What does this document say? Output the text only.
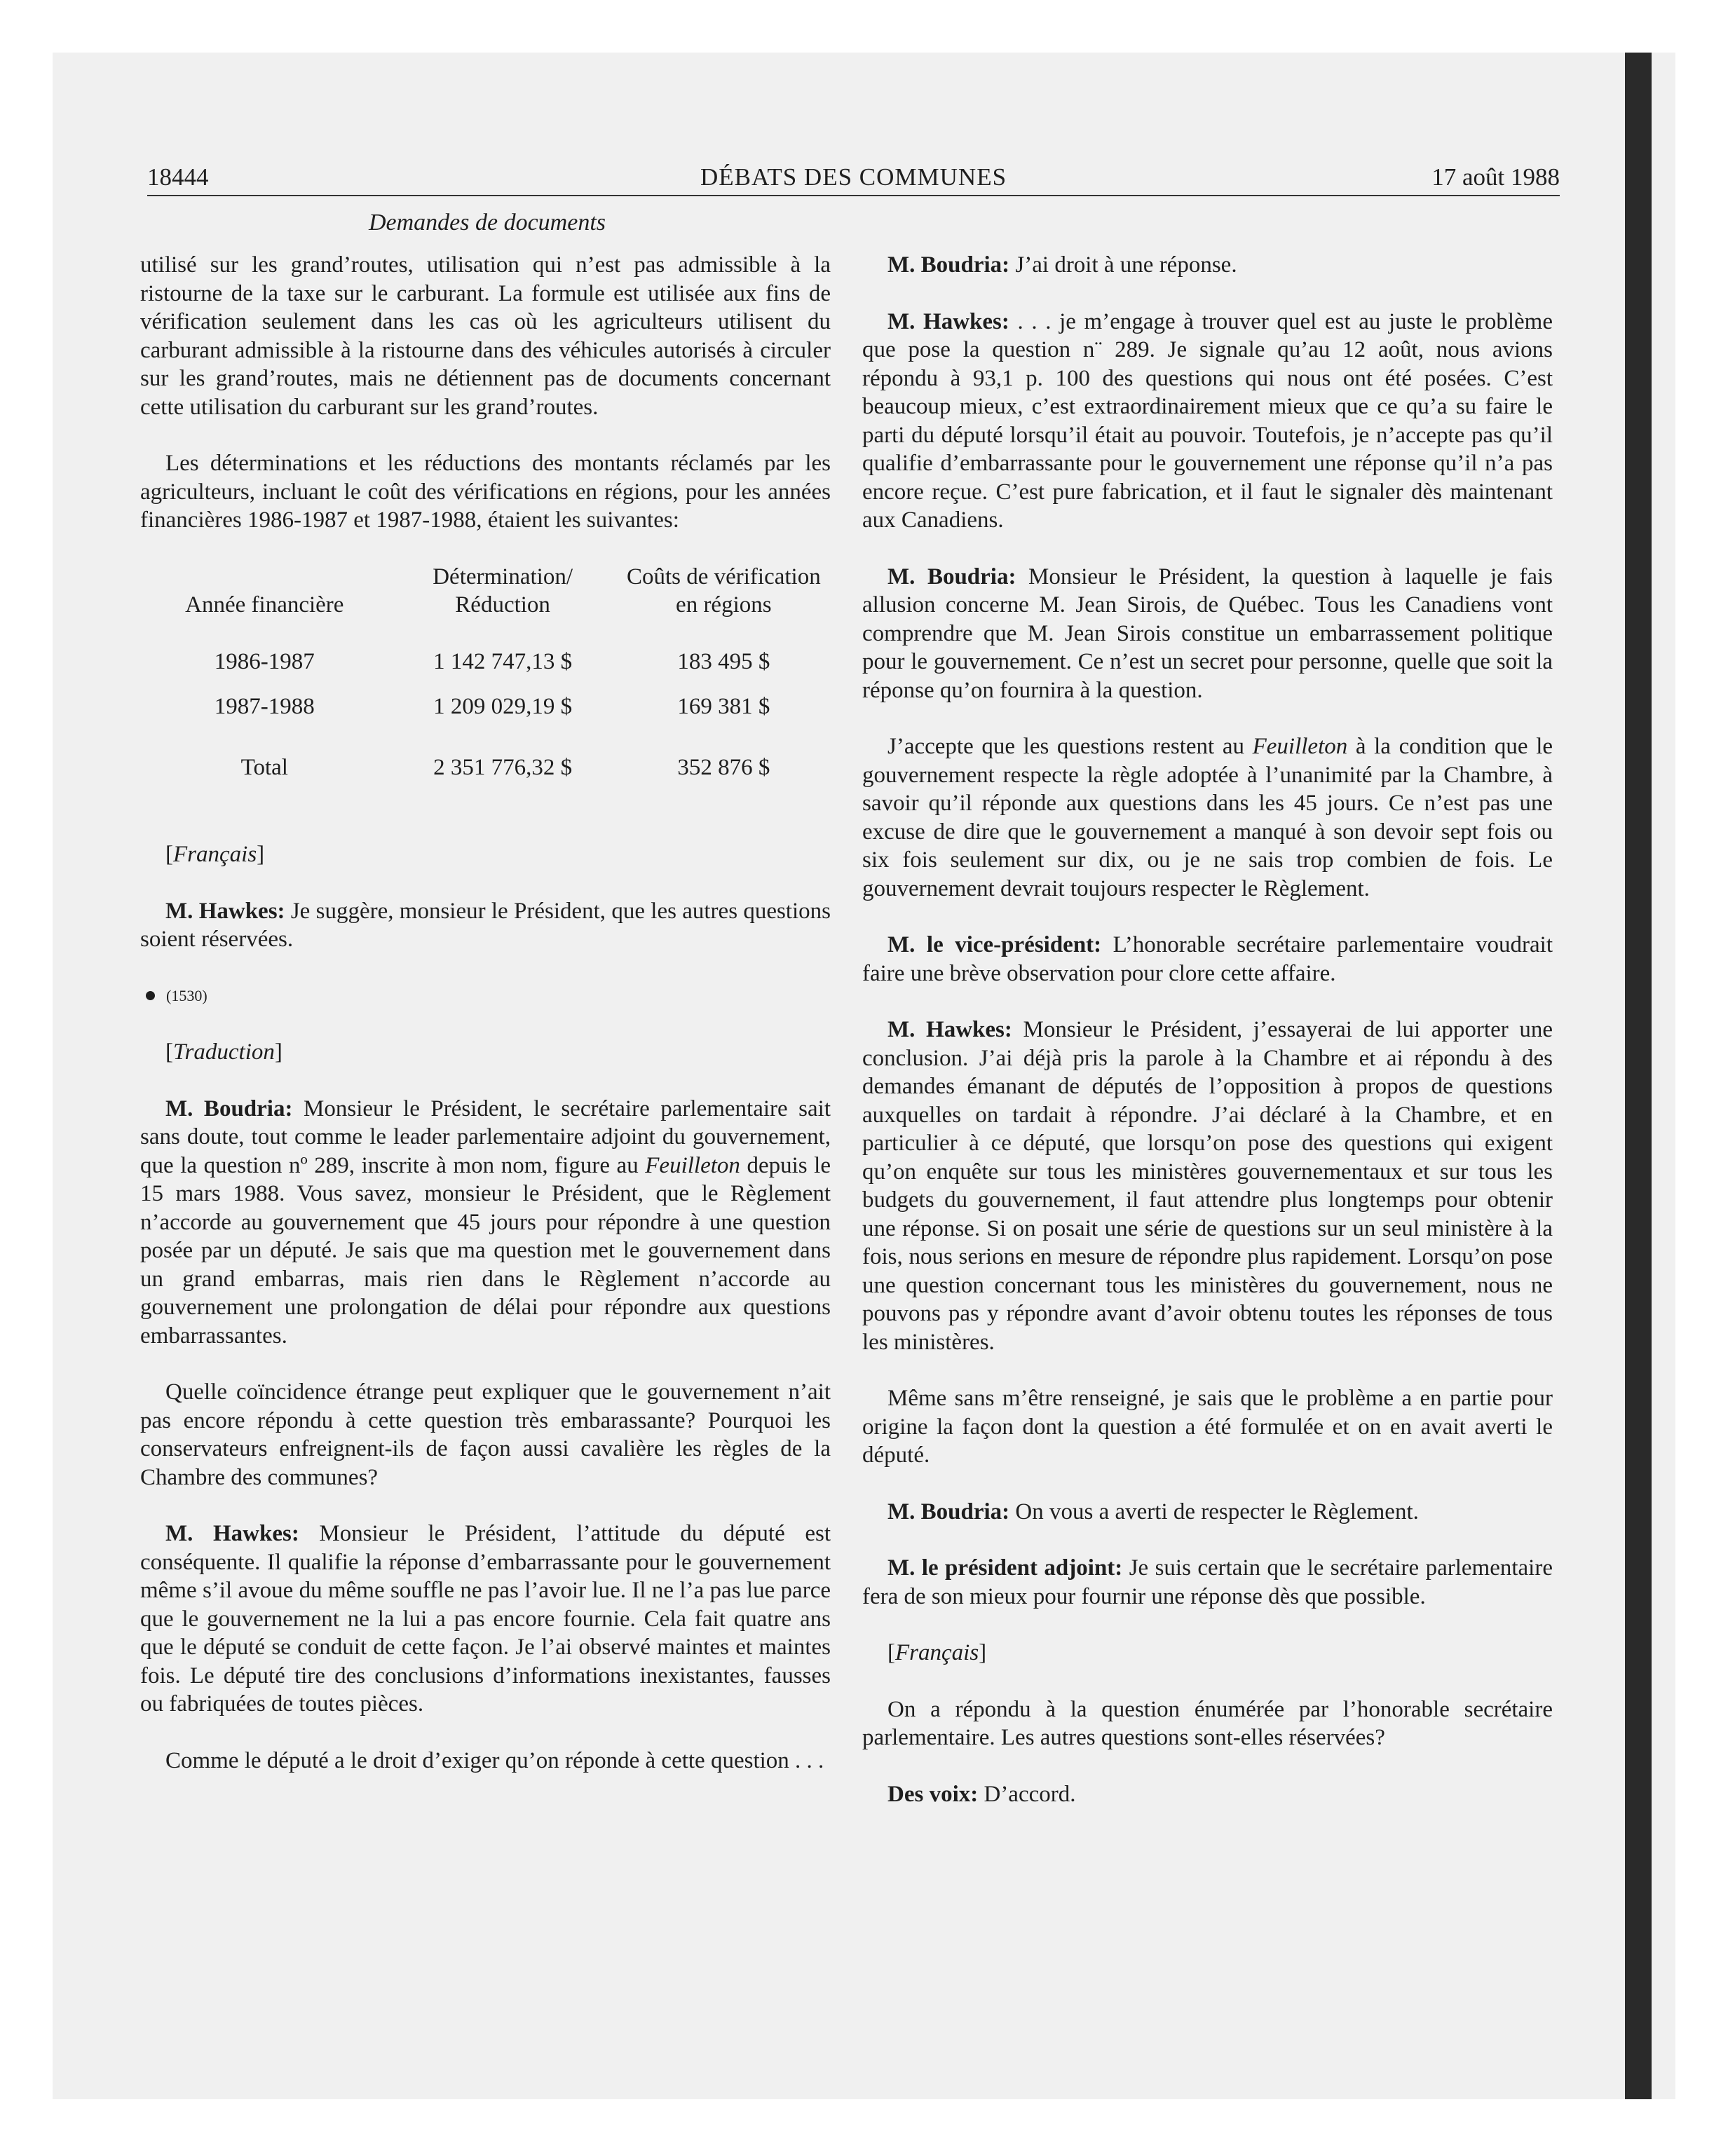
18444	DÉBATS DES COMMUNES	17 août 1988
Demandes de documents

utilisé sur les grand’routes, utilisation qui n’est pas admissible à la ristourne de la taxe sur le carburant. La formule est utilisée aux fins de vérification seulement dans les cas où les agriculteurs utilisent du carburant admissible à la ristourne dans des véhicules autorisés à circuler sur les grand’routes, mais ne détiennent pas de documents concernant cette utilisation du carburant sur les grand’routes.

Les déterminations et les réductions des montants réclamés par les agriculteurs, incluant le coût des vérifications en régions, pour les années financières 1986-1987 et 1987-1988, étaient les suivantes:

Année financière	Détermination/ Réduction	Coûts de vérification en régions
1986-1987	1 142 747,13 $	183 495 $
1987-1988	1 209 029,19 $	169 381 $
Total	2 351 776,32 $	352 876 $

[Français]

M. Hawkes: Je suggère, monsieur le Président, que les autres questions soient réservées.

(1530)

[Traduction]

M. Boudria: Monsieur le Président, le secrétaire parlementaire sait sans doute, tout comme le leader parlementaire adjoint du gouvernement, que la question nº 289, inscrite à mon nom, figure au Feuilleton depuis le 15 mars 1988. Vous savez, monsieur le Président, que le Règlement n’accorde au gouvernement que 45 jours pour répondre à une question posée par un député. Je sais que ma question met le gouvernement dans un grand embarras, mais rien dans le Règlement n’accorde au gouvernement une prolongation de délai pour répondre aux questions embarrassantes.

Quelle coïncidence étrange peut expliquer que le gouvernement n’ait pas encore répondu à cette question très embarassante? Pourquoi les conservateurs enfreignent-ils de façon aussi cavalière les règles de la Chambre des communes?

M. Hawkes: Monsieur le Président, l’attitude du député est conséquente. Il qualifie la réponse d’embarrassante pour le gouvernement même s’il avoue du même souffle ne pas l’avoir lue. Il ne l’a pas lue parce que le gouvernement ne la lui a pas encore fournie. Cela fait quatre ans que le député se conduit de cette façon. Je l’ai observé maintes et maintes fois. Le député tire des conclusions d’informations inexistantes, fausses ou fabriquées de toutes pièces.

Comme le député a le droit d’exiger qu’on réponde à cette question . . .

M. Boudria: J’ai droit à une réponse.

M. Hawkes: . . . je m’engage à trouver quel est au juste le problème que pose la question n¨ 289. Je signale qu’au 12 août, nous avions répondu à 93,1 p. 100 des questions qui nous ont été posées. C’est beaucoup mieux, c’est extraordinairement mieux que ce qu’a su faire le parti du député lorsqu’il était au pouvoir. Toutefois, je n’accepte pas qu’il qualifie d’embarrassante pour le gouvernement une réponse qu’il n’a pas encore reçue. C’est pure fabrication, et il faut le signaler dès maintenant aux Canadiens.

M. Boudria: Monsieur le Président, la question à laquelle je fais allusion concerne M. Jean Sirois, de Québec. Tous les Canadiens vont comprendre que M. Jean Sirois constitue un embarrassement politique pour le gouvernement. Ce n’est un secret pour personne, quelle que soit la réponse qu’on fournira à la question.

J’accepte que les questions restent au Feuilleton à la condition que le gouvernement respecte la règle adoptée à l’unanimité par la Chambre, à savoir qu’il réponde aux questions dans les 45 jours. Ce n’est pas une excuse de dire que le gouvernement a manqué à son devoir sept fois ou six fois seulement sur dix, ou je ne sais trop combien de fois. Le gouvernement devrait toujours respecter le Règlement.

M. le vice-président: L’honorable secrétaire parlementaire voudrait faire une brève observation pour clore cette affaire.

M. Hawkes: Monsieur le Président, j’essayerai de lui apporter une conclusion. J’ai déjà pris la parole à la Chambre et ai répondu à des demandes émanant de députés de l’opposition à propos de questions auxquelles on tardait à répondre. J’ai déclaré à la Chambre, et en particulier à ce député, que lorsqu’on pose des questions qui exigent qu’on enquête sur tous les ministères gouvernementaux et sur tous les budgets du gouvernement, il faut attendre plus longtemps pour obtenir une réponse. Si on posait une série de questions sur un seul ministère à la fois, nous serions en mesure de répondre plus rapidement. Lorsqu’on pose une question concernant tous les ministères du gouvernement, nous ne pouvons pas y répondre avant d’avoir obtenu toutes les réponses de tous les ministères.

Même sans m’être renseigné, je sais que le problème a en partie pour origine la façon dont la question a été formulée et on en avait averti le député.

M. Boudria: On vous a averti de respecter le Règlement.

M. le président adjoint: Je suis certain que le secrétaire parlementaire fera de son mieux pour fournir une réponse dès que possible.

[Français]

On a répondu à la question énumérée par l’honorable secrétaire parlementaire. Les autres questions sont-elles réservées?

Des voix: D’accord.
